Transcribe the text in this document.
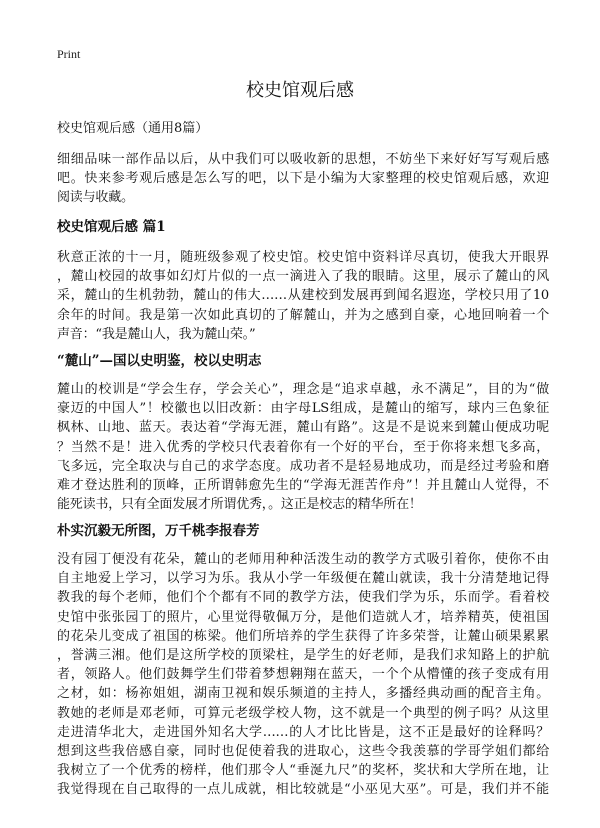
Print
校史馆观后感
校史馆观后感（通用8篇）
细细品味一部作品以后，从中我们可以吸收新的思想，不妨坐下来好好写写观后感
吧。快来参考观后感是怎么写的吧，以下是小编为大家整理的校史馆观后感，欢迎
阅读与收藏。
校史馆观后感 篇1
秋意正浓的十一月，随班级参观了校史馆。校史馆中资料详尽真切，使我大开眼界
，麓山校园的故事如幻灯片似的一点一滴进入了我的眼睛。这里，展示了麓山的风
采，麓山的生机勃勃，麓山的伟大……从建校到发展再到闻名遐迩，学校只用了10
余年的时间。我是第一次如此真切的了解麓山，并为之感到自豪，心地回响着一个
声音：“我是麓山人，我为麓山荣。”
“麓山”—国以史明鉴，校以史明志
麓山的校训是“学会生存，学会关心”，理念是“追求卓越，永不满足”，目的为“做
豪迈的中国人”！校徽也以旧改新：由字母LS组成，是麓山的缩写，球内三色象征
枫林、山地、蓝天。表达着“学海无涯，麓山有路”。这是不是说来到麓山便成功呢
？当然不是！进入优秀的学校只代表着你有一个好的平台，至于你将来想飞多高，
飞多远，完全取决与自己的求学态度。成功者不是轻易地成功，而是经过考验和磨
难才登达胜利的顶峰，正所谓韩愈先生的“学海无涯苦作舟”！并且麓山人觉得，不
能死读书，只有全面发展才所谓优秀，。这正是校志的精华所在！
朴实沉毅无所图，万千桃李报春芳
没有园丁便没有花朵，麓山的老师用种种活泼生动的教学方式吸引着你，使你不由
自主地爱上学习，以学习为乐。我从小学一年级便在麓山就读，我十分清楚地记得
教我的每个老师，他们个个都有不同的教学方法，使我们学为乐，乐而学。看着校
史馆中张张园丁的照片，心里觉得敬佩万分，是他们造就人才，培养精英，使祖国
的花朵儿变成了祖国的栋梁。他们所培养的学生获得了许多荣誉，让麓山硕果累累
，誉满三湘。他们是这所学校的顶梁柱，是学生的好老师，是我们求知路上的护航
者，领路人。他们鼓舞学生们带着梦想翱翔在蓝天，一个个从懵懂的孩子变成有用
之材，如：杨祢姐姐，湖南卫视和娱乐频道的主持人，多播经典动画的配音主角。
教她的老师是邓老师，可算元老级学校人物，这不就是一个典型的例子吗？从这里
走进清华北大，走进国外知名大学……的人才比比皆是，这不正是最好的诠释吗？
想到这些我倍感自豪，同时也促使着我的进取心，这些令我羡慕的学哥学姐们都给
我树立了一个优秀的榜样，他们那令人“垂涎九尺”的奖杯，奖状和大学所在地，让
我觉得现在自己取得的一点儿成就，相比较就是“小巫见大巫”。可是，我们并不能
